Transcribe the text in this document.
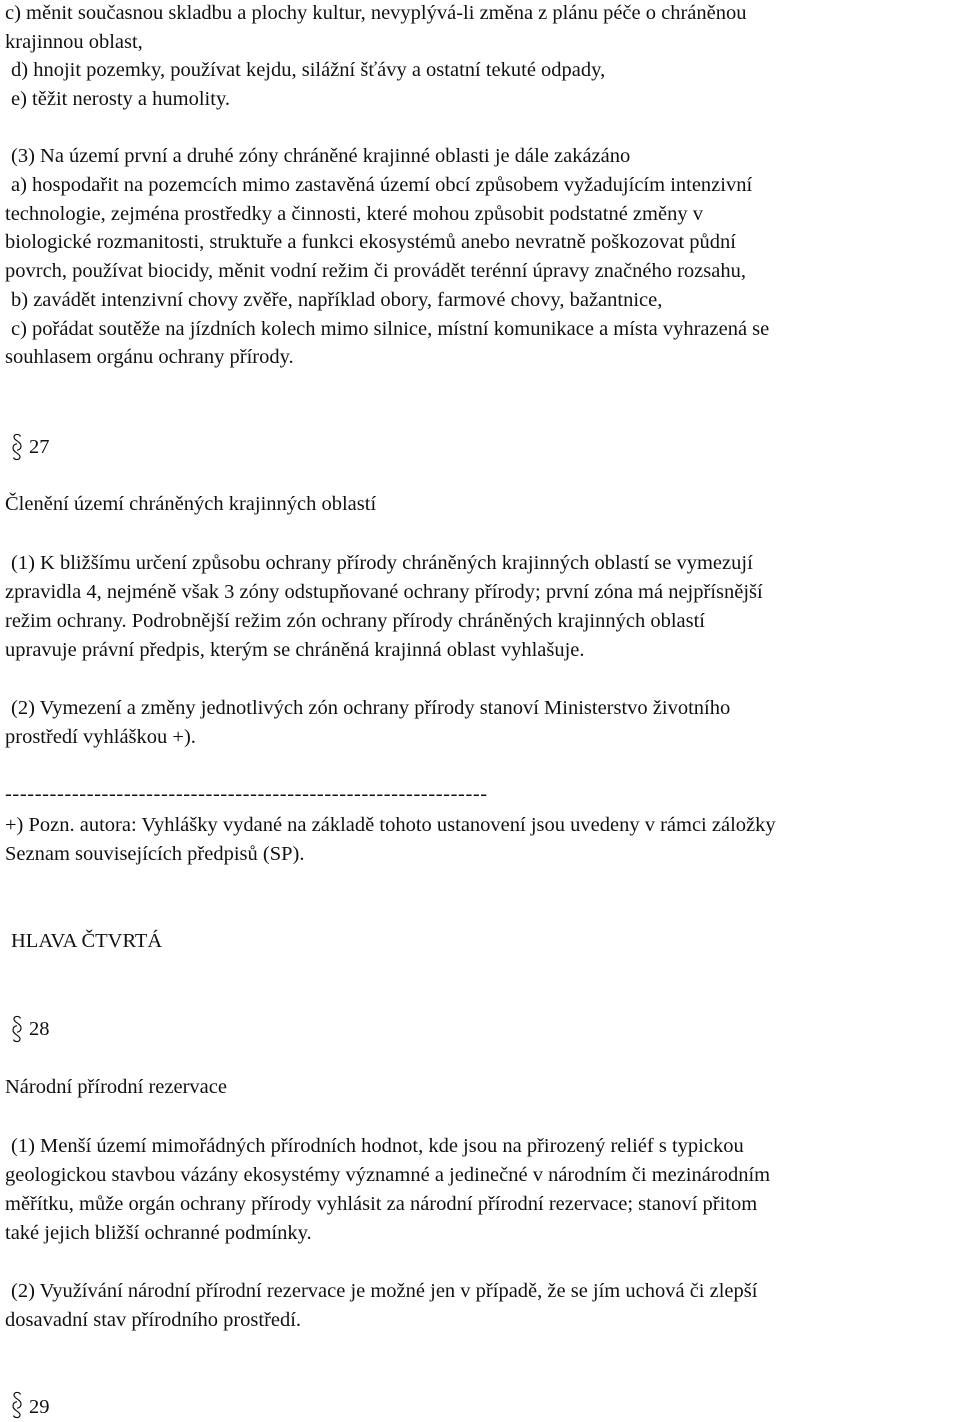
c) měnit současnou skladbu a plochy kultur, nevyplývá-li změna z plánu péče o chráněnou
krajinnou oblast,
d) hnojit pozemky, používat kejdu, silážní šťávy a ostatní tekuté odpady,
e) těžit nerosty a humolity.
(3) Na území první a druhé zóny chráněné krajinné oblasti je dále zakázáno
a) hospodařit na pozemcích mimo zastavěná území obcí způsobem vyžadujícím intenzivní
technologie, zejména prostředky a činnosti, které mohou způsobit podstatné změny v
biologické rozmanitosti, struktuře a funkci ekosystémů anebo nevratně poškozovat půdní
povrch, používat biocidy, měnit vodní režim či provádět terénní úpravy značného rozsahu,
b) zavádět intenzivní chovy zvěře, například obory, farmové chovy, bažantnice,
c) pořádat soutěže na jízdních kolech mimo silnice, místní komunikace a místa vyhrazená se
souhlasem orgánu ochrany přírody.
27
Členění území chráněných krajinných oblastí
(1) K bližšímu určení způsobu ochrany přírody chráněných krajinných oblastí se vymezují
zpravidla 4, nejméně však 3 zóny odstupňované ochrany přírody; první zóna má nejpřísnější
režim ochrany. Podrobnější režim zón ochrany přírody chráněných krajinných oblastí
upravuje právní předpis, kterým se chráněná krajinná oblast vyhlašuje.
(2) Vymezení a změny jednotlivých zón ochrany přírody stanoví Ministerstvo životního
prostředí vyhláškou +).
-----------------------------------------------------------------
+) Pozn. autora: Vyhlášky vydané na základě tohoto ustanovení jsou uvedeny v rámci záložky
Seznam souvisejících předpisů (SP).
HLAVA ČTVRTÁ
28
Národní přírodní rezervace
(1) Menší území mimořádných přírodních hodnot, kde jsou na přirozený reliéf s typickou
geologickou stavbou vázány ekosystémy významné a jedinečné v národním či mezinárodním
měřítku, může orgán ochrany přírody vyhlásit za národní přírodní rezervace; stanoví přitom
také jejich bližší ochranné podmínky.
(2) Využívání národní přírodní rezervace je možné jen v případě, že se jím uchová či zlepší
dosavadní stav přírodního prostředí.
29
